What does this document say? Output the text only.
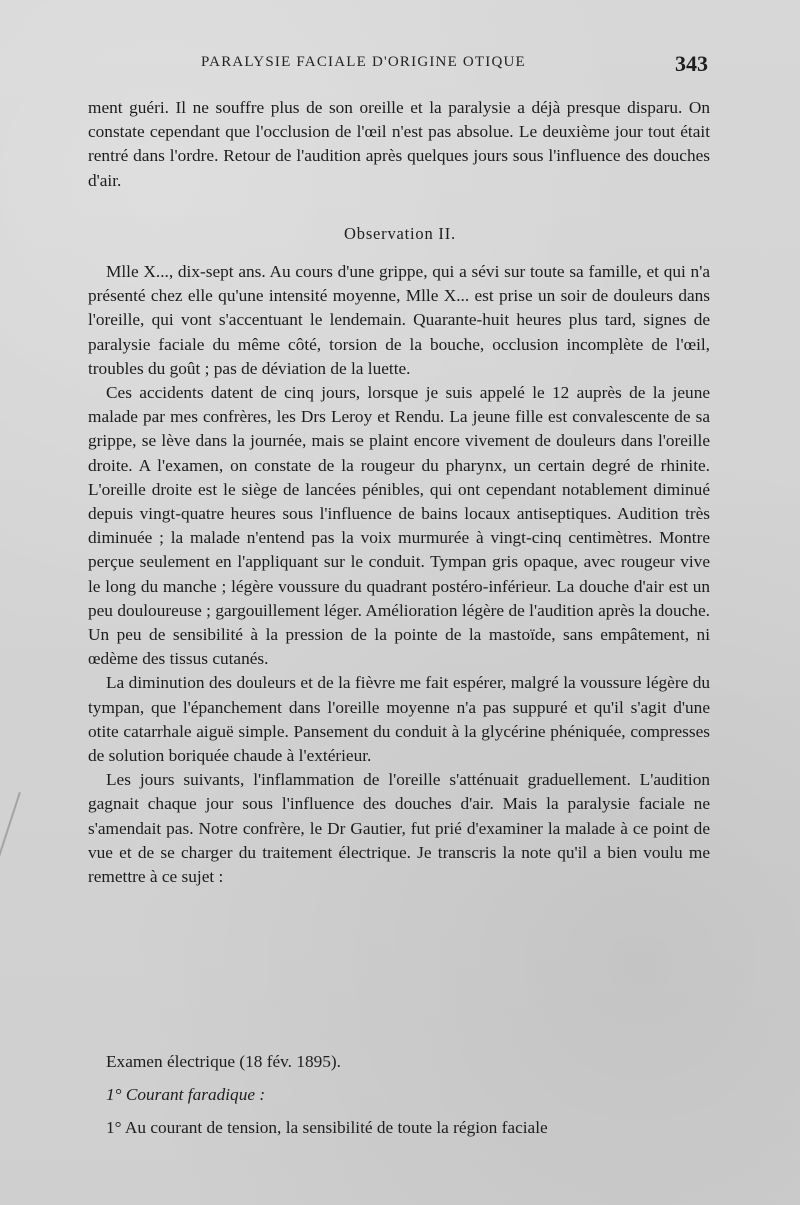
PARALYSIE FACIALE D'ORIGINE OTIQUE	343

ment guéri. Il ne souffre plus de son oreille et la paralysie a déjà presque disparu. On constate cependant que l'occlusion de l'œil n'est pas absolue. Le deuxième jour tout était rentré dans l'ordre. Retour de l'audition après quelques jours sous l'influence des douches d'air.

Observation II.

Mlle X..., dix-sept ans. Au cours d'une grippe, qui a sévi sur toute sa famille, et qui n'a présenté chez elle qu'une intensité moyenne, Mlle X... est prise un soir de douleurs dans l'oreille, qui vont s'accentuant le lendemain. Quarante-huit heures plus tard, signes de paralysie faciale du même côté, torsion de la bouche, occlusion incomplète de l'œil, troubles du goût ; pas de déviation de la luette.

Ces accidents datent de cinq jours, lorsque je suis appelé le 12 auprès de la jeune malade par mes confrères, les Drs Leroy et Rendu. La jeune fille est convalescente de sa grippe, se lève dans la journée, mais se plaint encore vivement de douleurs dans l'oreille droite. A l'examen, on constate de la rougeur du pharynx, un certain degré de rhinite. L'oreille droite est le siège de lancées pénibles, qui ont cependant notablement diminué depuis vingt-quatre heures sous l'influence de bains locaux antiseptiques. Audition très diminuée ; la malade n'entend pas la voix murmurée à vingt-cinq centimètres. Montre perçue seulement en l'appliquant sur le conduit. Tympan gris opaque, avec rougeur vive le long du manche ; légère voussure du quadrant postéro-inférieur. La douche d'air est un peu douloureuse ; gargouillement léger. Amélioration légère de l'audition après la douche. Un peu de sensibilité à la pression de la pointe de la mastoïde, sans empâtement, ni œdème des tissus cutanés.

La diminution des douleurs et de la fièvre me fait espérer, malgré la voussure légère du tympan, que l'épanchement dans l'oreille moyenne n'a pas suppuré et qu'il s'agit d'une otite catarrhale aiguë simple. Pansement du conduit à la glycérine phéniquée, compresses de solution boriquée chaude à l'extérieur.

Les jours suivants, l'inflammation de l'oreille s'atténuait graduellement. L'audition gagnait chaque jour sous l'influence des douches d'air. Mais la paralysie faciale ne s'amendait pas. Notre confrère, le Dr Gautier, fut prié d'examiner la malade à ce point de vue et de se charger du traitement électrique. Je transcris la note qu'il a bien voulu me remettre à ce sujet :

Examen électrique (18 fév. 1895).
1° Courant faradique :
1° Au courant de tension, la sensibilité de toute la région faciale
